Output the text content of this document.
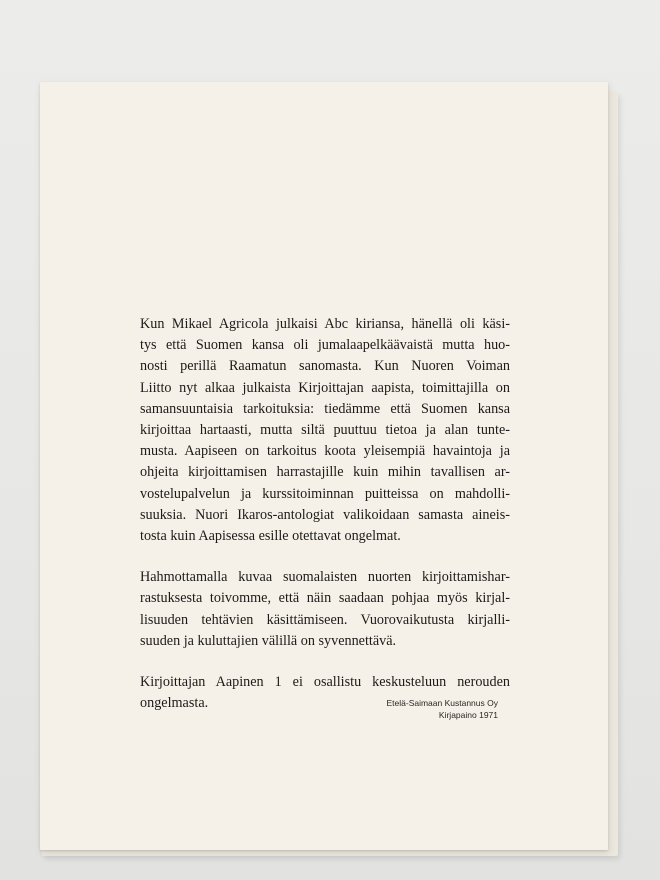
Kun Mikael Agricola julkaisi Abc kiriansa, hänellä oli käsi-
tys että Suomen kansa oli jumalaapelkäävaistä mutta huo-
nosti perillä Raamatun sanomasta. Kun Nuoren Voiman
Liitto nyt alkaa julkaista Kirjoittajan aapista, toimittajilla on
samansuuntaisia tarkoituksia: tiedämme että Suomen kansa
kirjoittaa hartaasti, mutta siltä puuttuu tietoa ja alan tunte-
musta. Aapiseen on tarkoitus koota yleisempiä havaintoja ja
ohjeita kirjoittamisen harrastajille kuin mihin tavallisen ar-
vostelupalvelun ja kurssitoiminnan puitteissa on mahdolli-
suuksia. Nuori Ikaros-antologiat valikoidaan samasta aineis-
tosta kuin Aapisessa esille otettavat ongelmat.

Hahmottamalla kuvaa suomalaisten nuorten kirjoittamishar-
rastuksesta toivomme, että näin saadaan pohjaa myös kirjal-
lisuuden tehtävien käsittämiseen. Vuorovaikutusta kirjalli-
suuden ja kuluttajien välillä on syvennettävä.

Kirjoittajan Aapinen 1 ei osallistu keskusteluun nerouden
ongelmasta.	Etelä-Saimaan Kustannus Oy
Kirjapaino 1971
